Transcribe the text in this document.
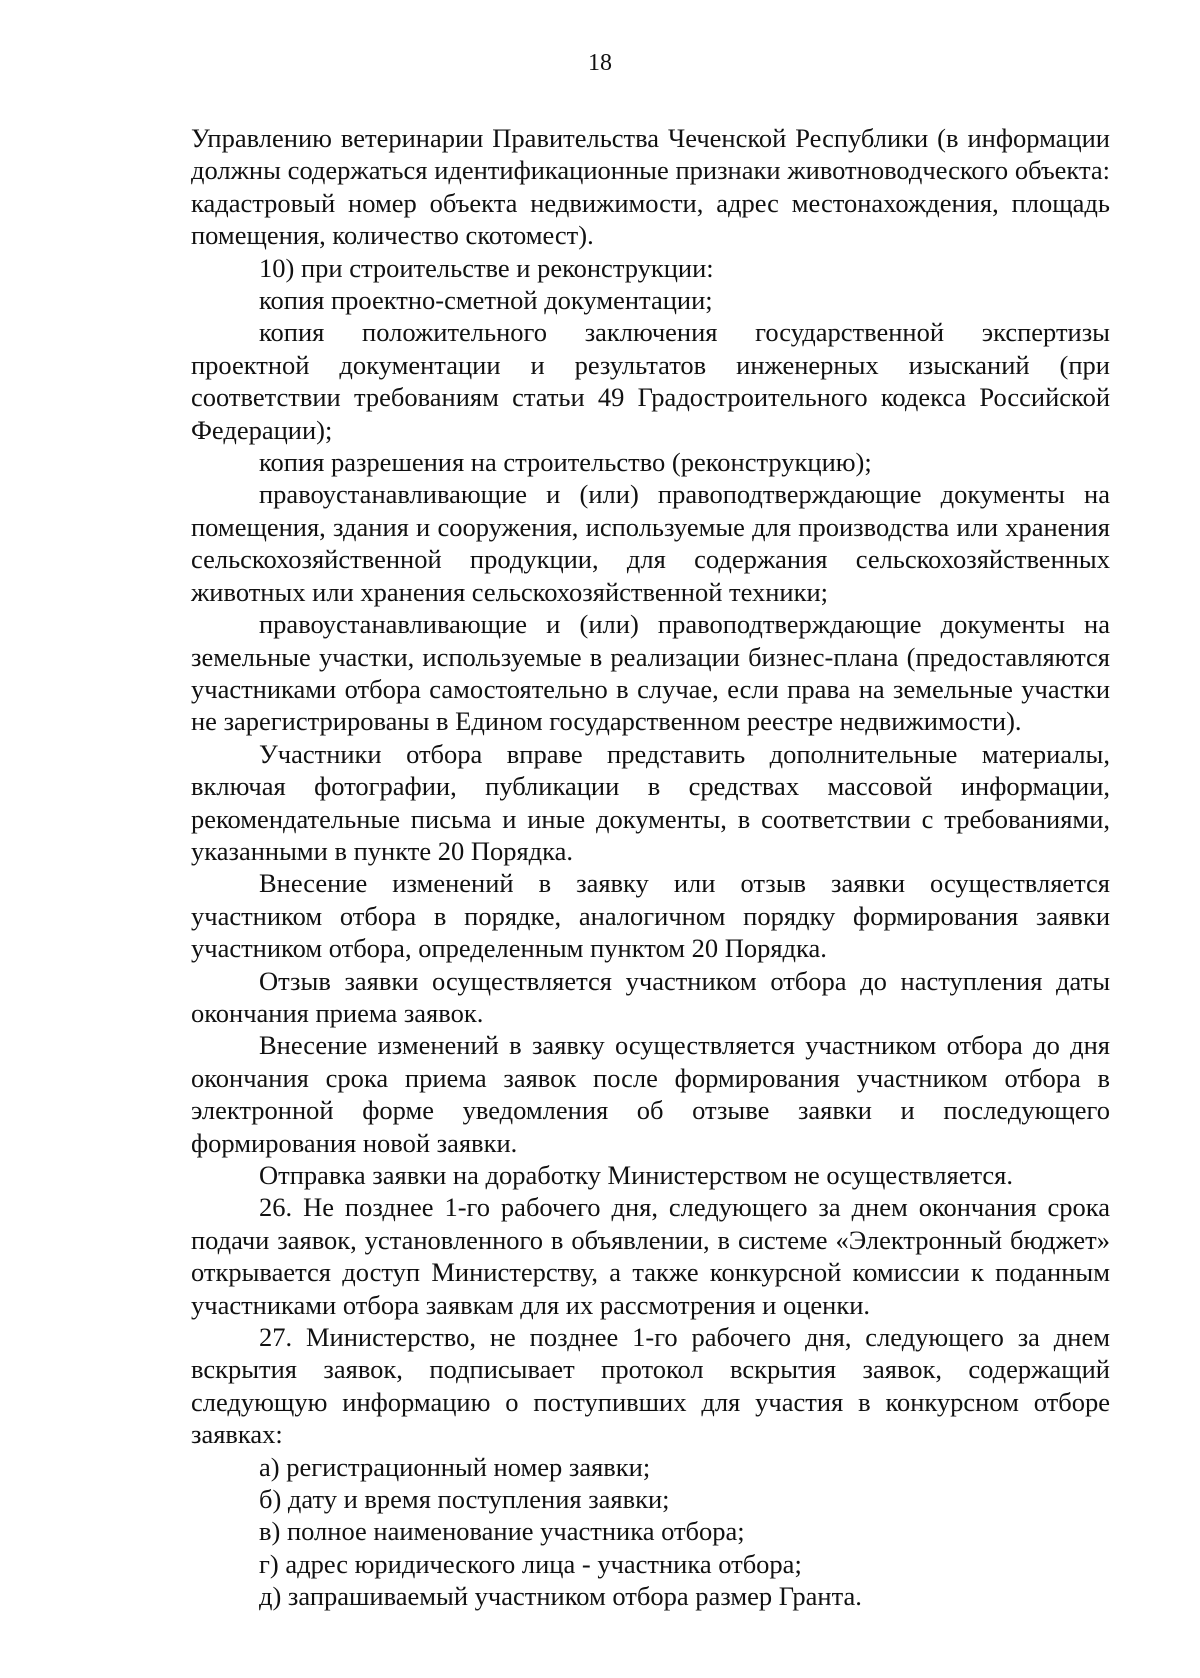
18

Управлению ветеринарии Правительства Чеченской Республики (в информации должны содержаться идентификационные признаки животноводческого объекта: кадастровый номер объекта недвижимости, адрес местонахождения, площадь помещения, количество скотомест).

10) при строительстве и реконструкции:

копия проектно-сметной документации;

копия положительного заключения государственной экспертизы проектной документации и результатов инженерных изысканий (при соответствии требованиям статьи 49 Градостроительного кодекса Российской Федерации);

копия разрешения на строительство (реконструкцию);

правоустанавливающие и (или) правоподтверждающие документы на помещения, здания и сооружения, используемые для производства или хранения сельскохозяйственной продукции, для содержания сельскохозяйственных животных или хранения сельскохозяйственной техники;

правоустанавливающие и (или) правоподтверждающие документы на земельные участки, используемые в реализации бизнес-плана (предоставляются участниками отбора самостоятельно в случае, если права на земельные участки не зарегистрированы в Едином государственном реестре недвижимости).

Участники отбора вправе представить дополнительные материалы, включая фотографии, публикации в средствах массовой информации, рекомендательные письма и иные документы, в соответствии с требованиями, указанными в пункте 20 Порядка.

Внесение изменений в заявку или отзыв заявки осуществляется участником отбора в порядке, аналогичном порядку формирования заявки участником отбора, определенным пунктом 20 Порядка.

Отзыв заявки осуществляется участником отбора до наступления даты окончания приема заявок.

Внесение изменений в заявку осуществляется участником отбора до дня окончания срока приема заявок после формирования участником отбора в электронной форме уведомления об отзыве заявки и последующего формирования новой заявки.

Отправка заявки на доработку Министерством не осуществляется.

26. Не позднее 1-го рабочего дня, следующего за днем окончания срока подачи заявок, установленного в объявлении, в системе «Электронный бюджет» открывается доступ Министерству, а также конкурсной комиссии к поданным участниками отбора заявкам для их рассмотрения и оценки.

27. Министерство, не позднее 1-го рабочего дня, следующего за днем вскрытия заявок, подписывает протокол вскрытия заявок, содержащий следующую информацию о поступивших для участия в конкурсном отборе заявках:

а) регистрационный номер заявки;

б) дату и время поступления заявки;

в) полное наименование участника отбора;

г) адрес юридического лица - участника отбора;

д) запрашиваемый участником отбора размер Гранта.
